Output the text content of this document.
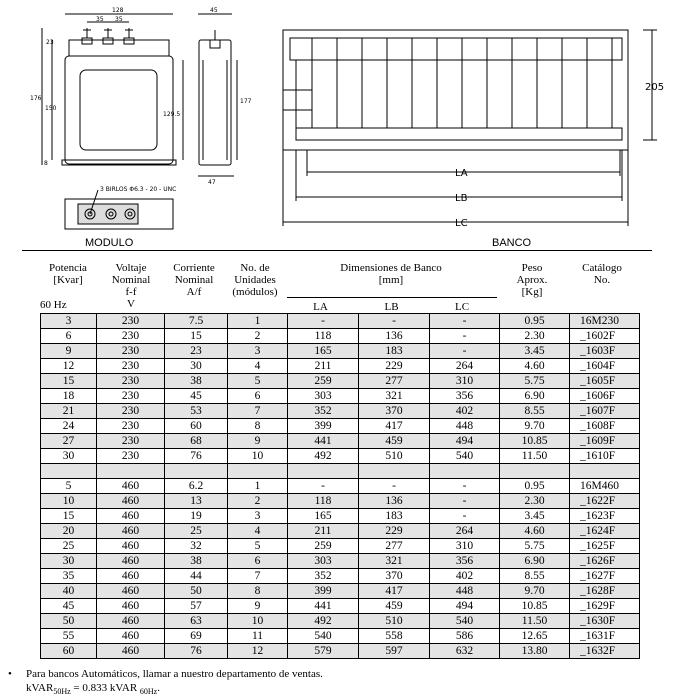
128
35 35
23
176
150
129.5
8
45
177
47
3 BIRLOS Φ6.3 - 20 - UNC
205
LA
LB
LC
MODULO	BANCO
Potencia
[Kvar]
60 Hz
Voltaje
Nominal
f-f
V
Corriente
Nominal
A/f
No. de
Unidades
(módulos)
Dimensiones de Banco
[mm]
LA	LB	LC
Peso
Aprox.
[Kg]
Catálogo
No.
3	230	7.5	1	-	-	-	0.95	16M230
6	230	15	2	118	136	-	2.30	_1602F
9	230	23	3	165	183	-	3.45	_1603F
12	230	30	4	211	229	264	4.60	_1604F
15	230	38	5	259	277	310	5.75	_1605F
18	230	45	6	303	321	356	6.90	_1606F
21	230	53	7	352	370	402	8.55	_1607F
24	230	60	8	399	417	448	9.70	_1608F
27	230	68	9	441	459	494	10.85	_1609F
30	230	76	10	492	510	540	11.50	_1610F

5	460	6.2	1	-	-	-	0.95	16M460
10	460	13	2	118	136	-	2.30	_1622F
15	460	19	3	165	183	-	3.45	_1623F
20	460	25	4	211	229	264	4.60	_1624F
25	460	32	5	259	277	310	5.75	_1625F
30	460	38	6	303	321	356	6.90	_1626F
35	460	44	7	352	370	402	8.55	_1627F
40	460	50	8	399	417	448	9.70	_1628F
45	460	57	9	441	459	494	10.85	_1629F
50	460	63	10	492	510	540	11.50	_1630F
55	460	69	11	540	558	586	12.65	_1631F
60	460	76	12	579	597	632	13.80	_1632F
• Para bancos Automáticos, llamar a nuestro departamento de ventas.
kVAR$_{50Hz}$ = 0.833 kVAR $_{60Hz}$.
